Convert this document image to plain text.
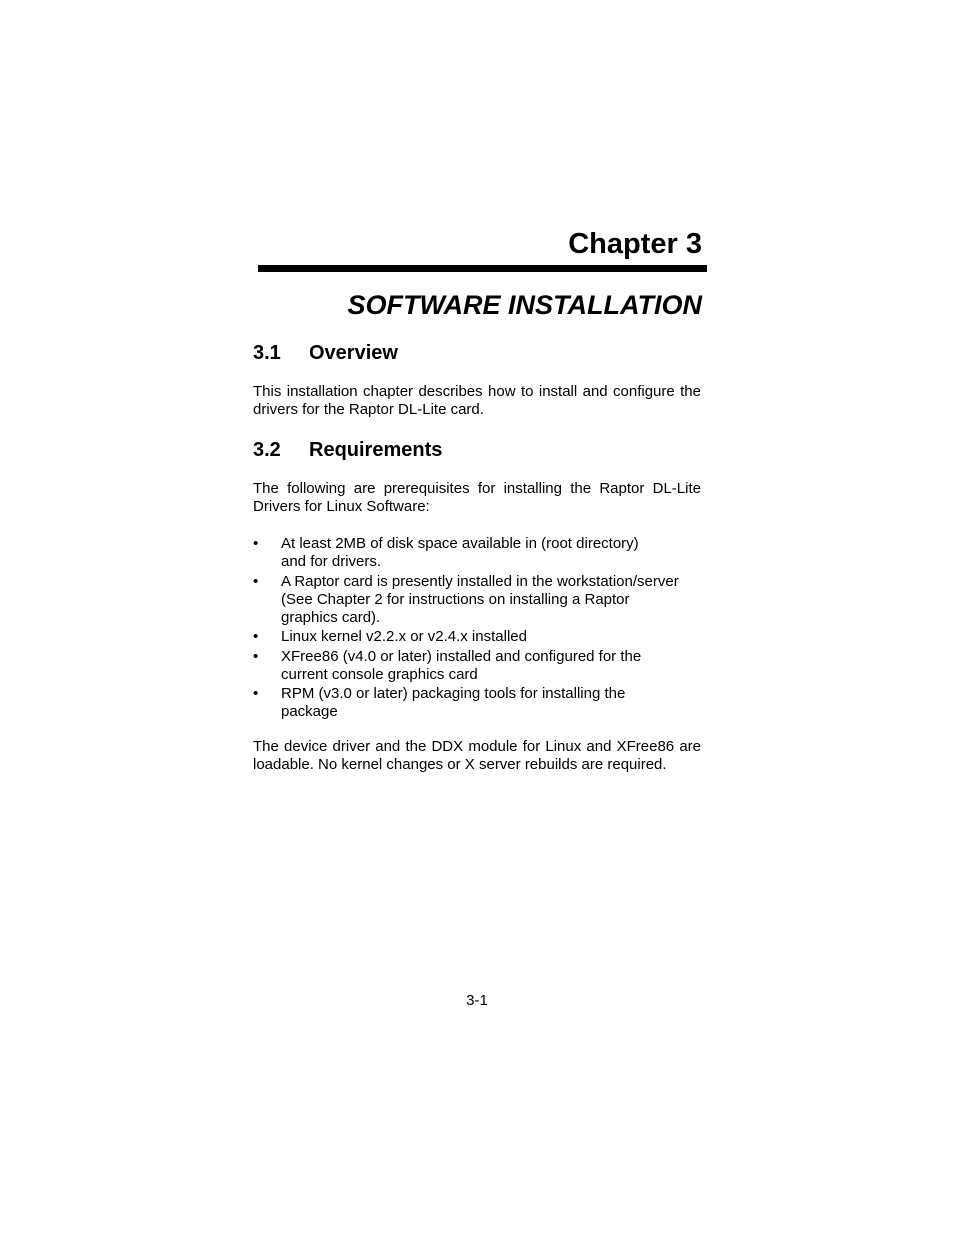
Chapter 3
SOFTWARE INSTALLATION
3.1 Overview
This installation chapter describes how to install and configure the drivers for the Raptor DL-Lite card.
3.2 Requirements
The following are prerequisites for installing the Raptor DL-Lite Drivers for Linux Software:
•	At least 2MB of disk space available in (root directory)
and for drivers.
•	A Raptor card is presently installed in the workstation/server
(See Chapter 2 for instructions on installing a Raptor
graphics card).
•	Linux kernel v2.2.x or v2.4.x installed
•	XFree86 (v4.0 or later) installed and configured for the
current console graphics card
•	RPM (v3.0 or later) packaging tools for installing the
package
The device driver and the DDX module for Linux and XFree86 are loadable. No kernel changes or X server rebuilds are required.
3-1
